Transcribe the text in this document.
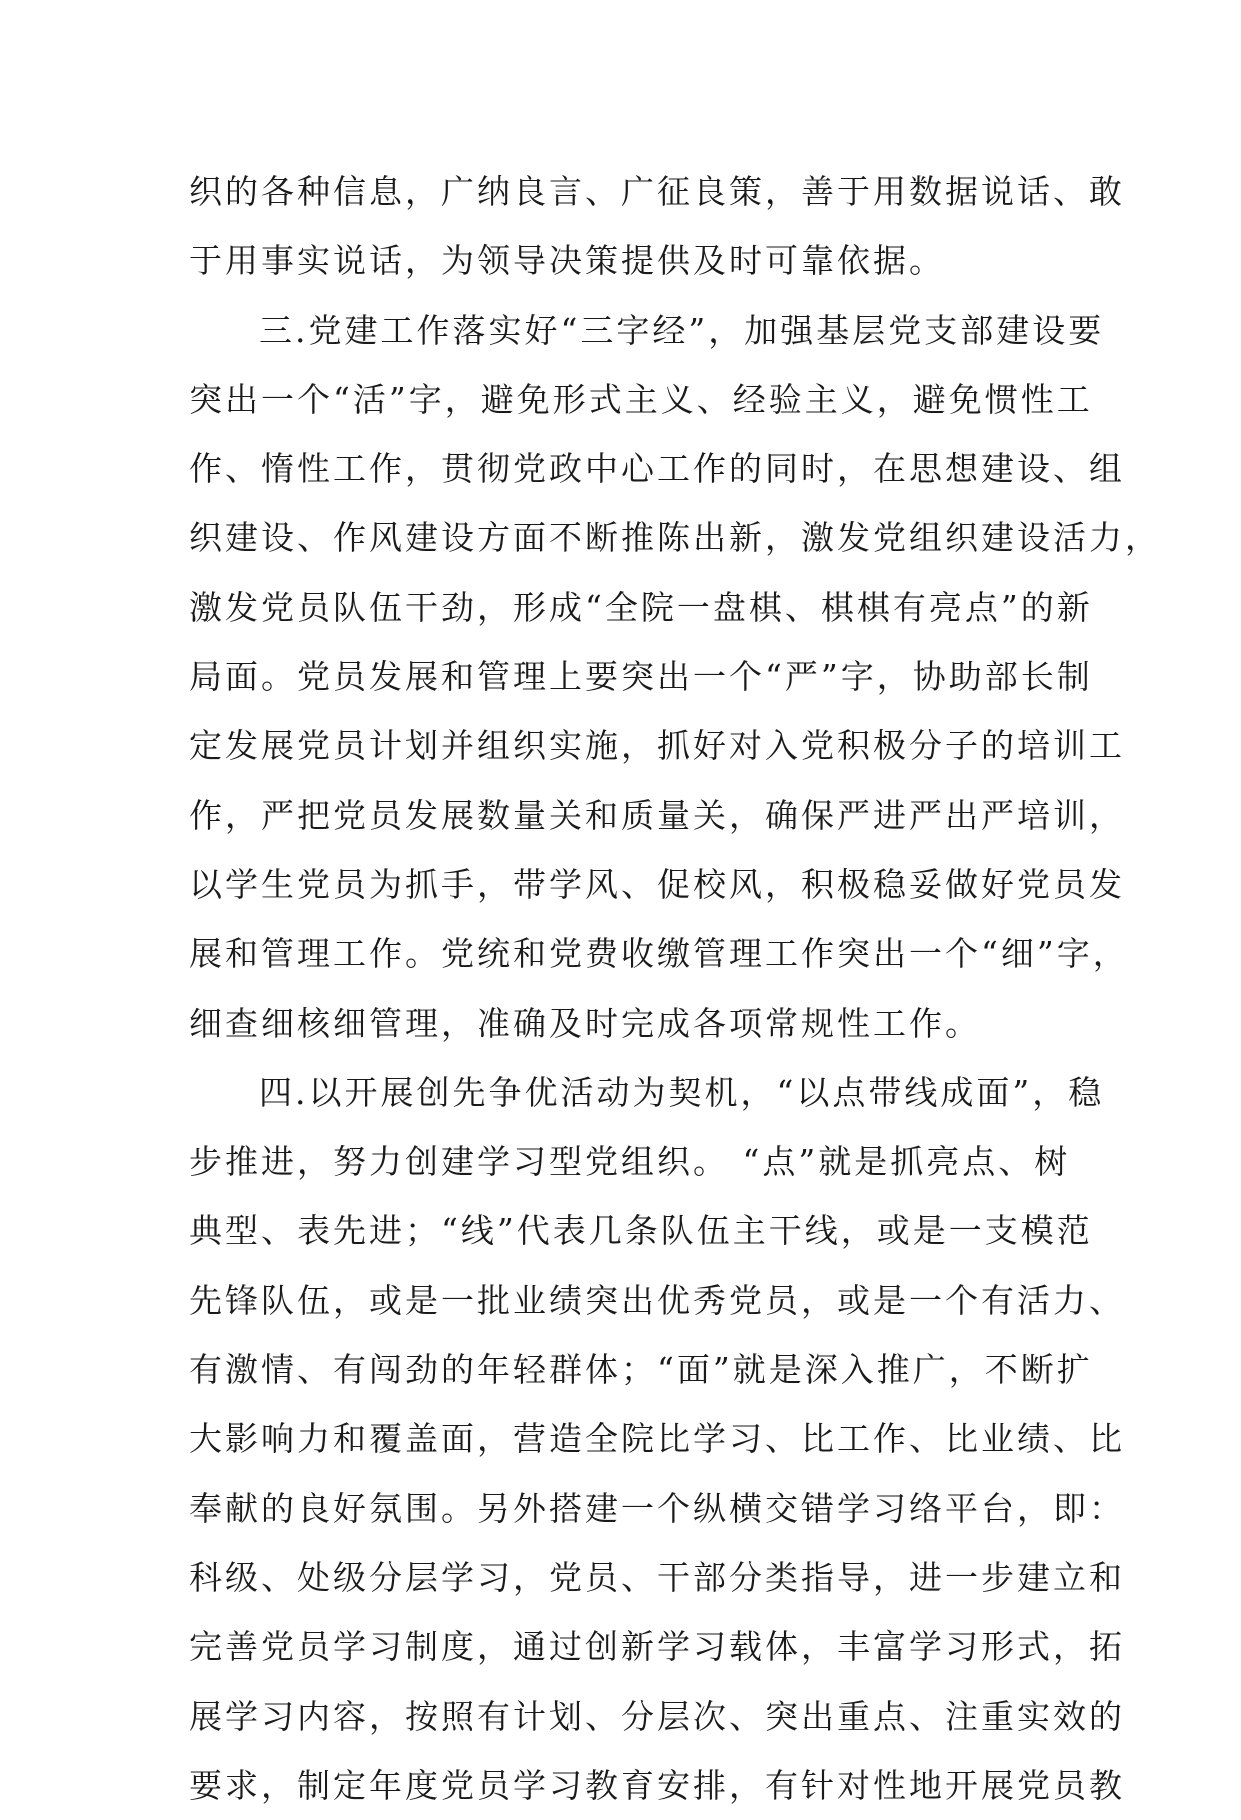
织的各种信息，广纳良言、广征良策，善于用数据说话、敢
于用事实说话，为领导决策提供及时可靠依据。
三.党建工作落实好“三字经”，加强基层党支部建设要
突出一个“活”字，避免形式主义、经验主义，避免惯性工
作、惰性工作，贯彻党政中心工作的同时，在思想建设、组
织建设、作风建设方面不断推陈出新，激发党组织建设活力，
激发党员队伍干劲，形成“全院一盘棋、棋棋有亮点”的新
局面。党员发展和管理上要突出一个“严”字，协助部长制
定发展党员计划并组织实施，抓好对入党积极分子的培训工
作，严把党员发展数量关和质量关，确保严进严出严培训，
以学生党员为抓手，带学风、促校风，积极稳妥做好党员发
展和管理工作。党统和党费收缴管理工作突出一个“细”字，
细查细核细管理，准确及时完成各项常规性工作。
四.以开展创先争优活动为契机，“以点带线成面”，稳
步推进，努力创建学习型党组织。 “点”就是抓亮点、树
典型、表先进；“线”代表几条队伍主干线，或是一支模范
先锋队伍，或是一批业绩突出优秀党员，或是一个有活力、
有激情、有闯劲的年轻群体；“面”就是深入推广，不断扩
大影响力和覆盖面，营造全院比学习、比工作、比业绩、比
奉献的良好氛围。另外搭建一个纵横交错学习络平台，即：
科级、处级分层学习，党员、干部分类指导，进一步建立和
完善党员学习制度，通过创新学习载体，丰富学习形式，拓
展学习内容，按照有计划、分层次、突出重点、注重实效的
要求，制定年度党员学习教育安排，有针对性地开展党员教
